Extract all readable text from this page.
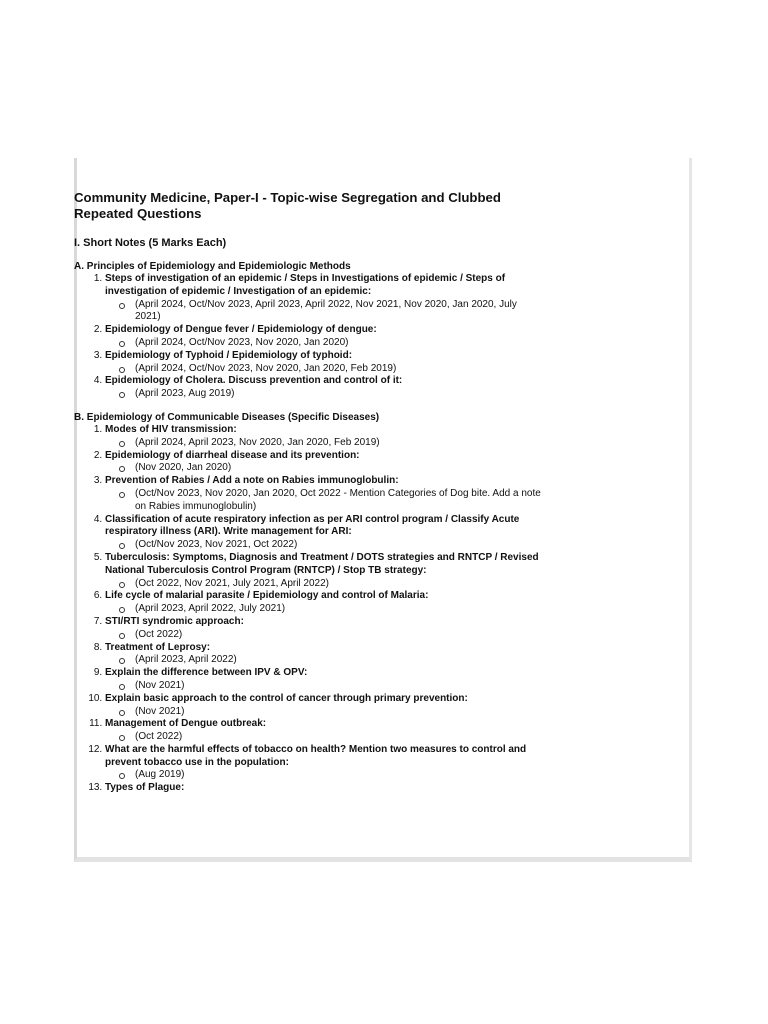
Community Medicine, Paper-I - Topic-wise Segregation and Clubbed Repeated Questions
I. Short Notes (5 Marks Each)
A. Principles of Epidemiology and Epidemiologic Methods
1. Steps of investigation of an epidemic / Steps in Investigations of epidemic / Steps of investigation of epidemic / Investigation of an epidemic:
(April 2024, Oct/Nov 2023, April 2023, April 2022, Nov 2021, Nov 2020, Jan 2020, July 2021)
2. Epidemiology of Dengue fever / Epidemiology of dengue:
(April 2024, Oct/Nov 2023, Nov 2020, Jan 2020)
3. Epidemiology of Typhoid / Epidemiology of typhoid:
(April 2024, Oct/Nov 2023, Nov 2020, Jan 2020, Feb 2019)
4. Epidemiology of Cholera. Discuss prevention and control of it:
(April 2023, Aug 2019)
B. Epidemiology of Communicable Diseases (Specific Diseases)
1. Modes of HIV transmission:
(April 2024, April 2023, Nov 2020, Jan 2020, Feb 2019)
2. Epidemiology of diarrheal disease and its prevention:
(Nov 2020, Jan 2020)
3. Prevention of Rabies / Add a note on Rabies immunoglobulin:
(Oct/Nov 2023, Nov 2020, Jan 2020, Oct 2022 - Mention Categories of Dog bite. Add a note on Rabies immunoglobulin)
4. Classification of acute respiratory infection as per ARI control program / Classify Acute respiratory illness (ARI). Write management for ARI:
(Oct/Nov 2023, Nov 2021, Oct 2022)
5. Tuberculosis: Symptoms, Diagnosis and Treatment / DOTS strategies and RNTCP / Revised National Tuberculosis Control Program (RNTCP) / Stop TB strategy:
(Oct 2022, Nov 2021, July 2021, April 2022)
6. Life cycle of malarial parasite / Epidemiology and control of Malaria:
(April 2023, April 2022, July 2021)
7. STI/RTI syndromic approach:
(Oct 2022)
8. Treatment of Leprosy:
(April 2023, April 2022)
9. Explain the difference between IPV & OPV:
(Nov 2021)
10. Explain basic approach to the control of cancer through primary prevention:
(Nov 2021)
11. Management of Dengue outbreak:
(Oct 2022)
12. What are the harmful effects of tobacco on health? Mention two measures to control and prevent tobacco use in the population:
(Aug 2019)
13. Types of Plague:
